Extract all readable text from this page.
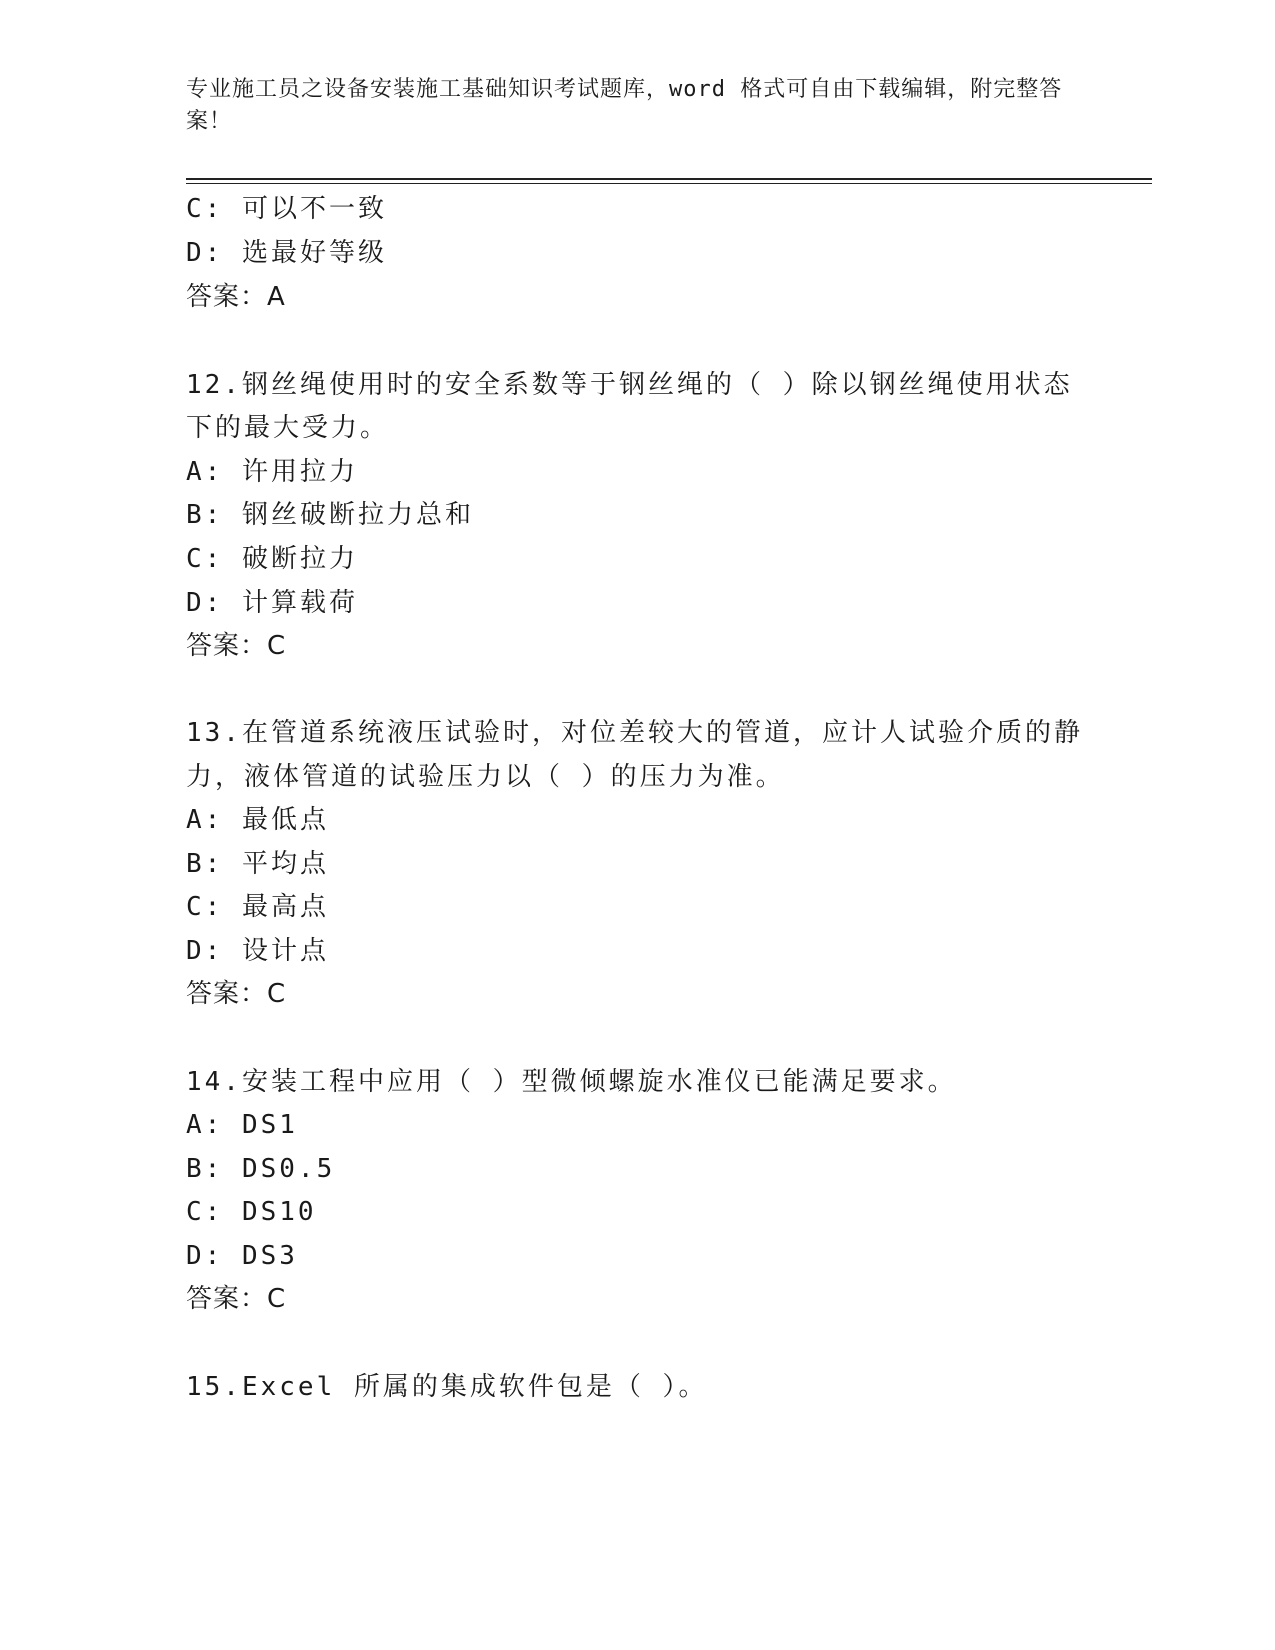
专业施工员之设备安装施工基础知识考试题库，word 格式可自由下载编辑，附完整答案！

C: 可以不一致

D: 选最好等级

答案：A

12.钢丝绳使用时的安全系数等于钢丝绳的（ ）除以钢丝绳使用状态

下的最大受力。

A: 许用拉力

B: 钢丝破断拉力总和

C: 破断拉力

D: 计算载荷

答案：C

13.在管道系统液压试验时，对位差较大的管道，应计人试验介质的静

力，液体管道的试验压力以（ ）的压力为准。

A: 最低点

B: 平均点

C: 最高点

D: 设计点

答案：C

14.安装工程中应用（ ）型微倾螺旋水准仪已能满足要求。

A: DS1

B: DS0.5

C: DS10

D: DS3

答案：C

15.Excel 所属的集成软件包是（ ）。
